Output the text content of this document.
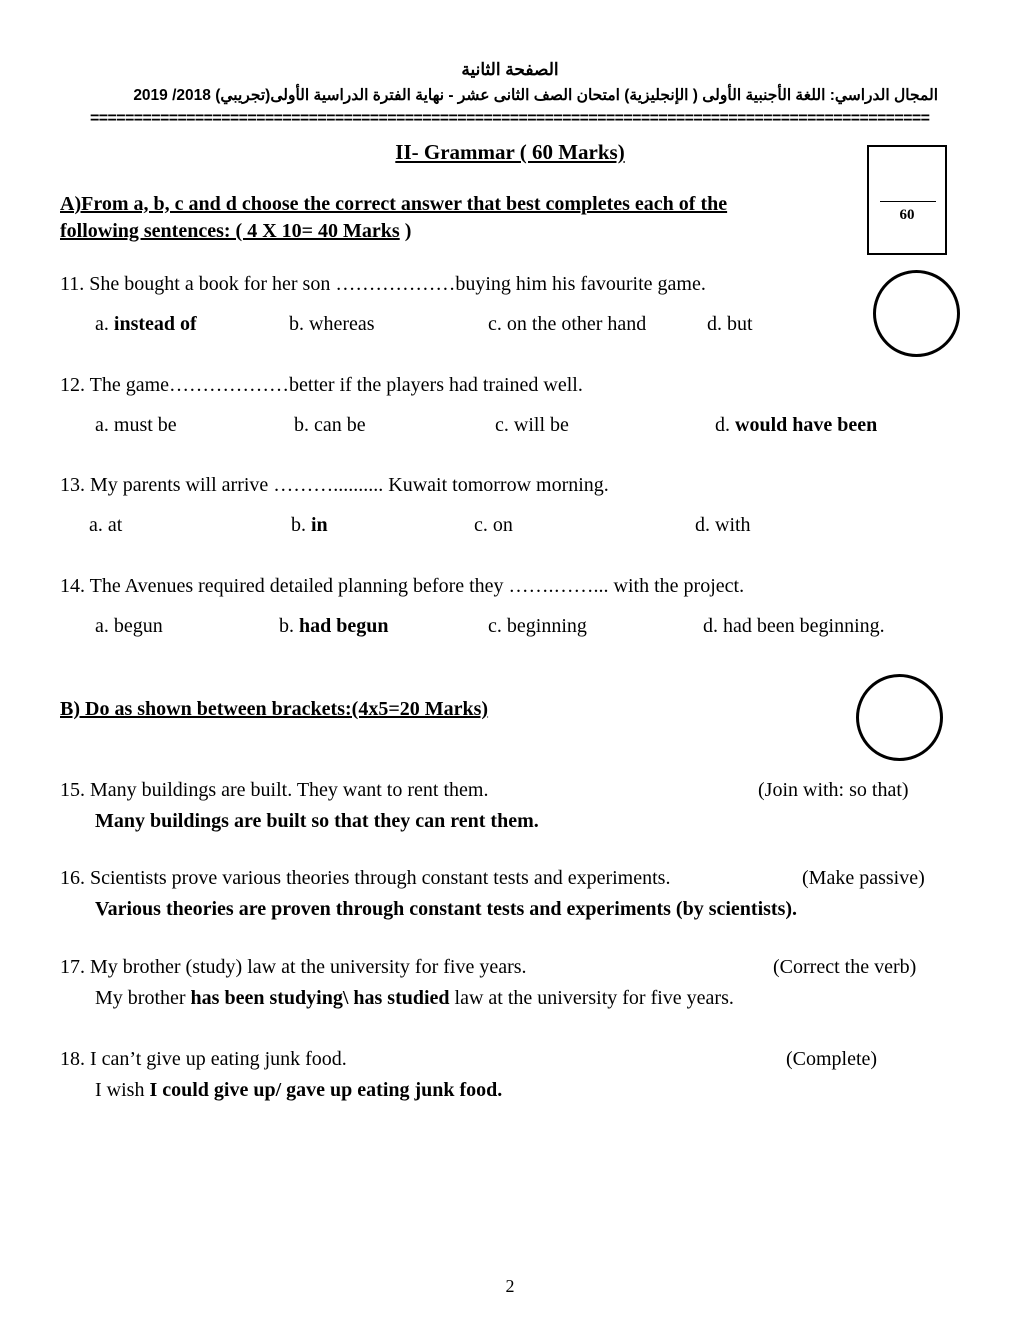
الصفحة الثانية
المجال الدراسي: اللغة الأجنبية الأولى ( الإنجليزية) امتحان الصف الثانى عشر - نهاية الفترة الدراسية الأولى(تجريبي) 2018/ 2019
================================================================================================
II- Grammar ( 60 Marks)
60
A)From a, b, c and d choose the correct answer that best completes each of the
following sentences: ( 4 X 10= 40 Marks )
11. She bought a book for her son ………………buying him his favourite game.
a. instead of	b. whereas	c. on the other hand	d. but
12. The game………………better if the players had trained well.
a. must be	b. can be	c. will be	d. would have been
13. My parents will arrive ……….......... Kuwait tomorrow morning.
a. at	b. in	c. on	d. with
14. The Avenues required detailed planning before they …….……... with the project.
a. begun	b. had begun	c. beginning	d. had been beginning.
B) Do as shown between brackets:(4x5=20 Marks)
15. Many buildings are built. They want to rent them.	(Join with: so that)
Many buildings are built so that they can rent them.
16. Scientists prove various theories through constant tests and experiments.	(Make passive)
Various theories are proven through constant tests and experiments (by scientists).
17. My brother (study) law at the university for five years.	(Correct the verb)
My brother has been studying\ has studied law at the university for five years.
18. I can’t give up eating junk food.	(Complete)
I wish I could give up/ gave up eating junk food.
2
